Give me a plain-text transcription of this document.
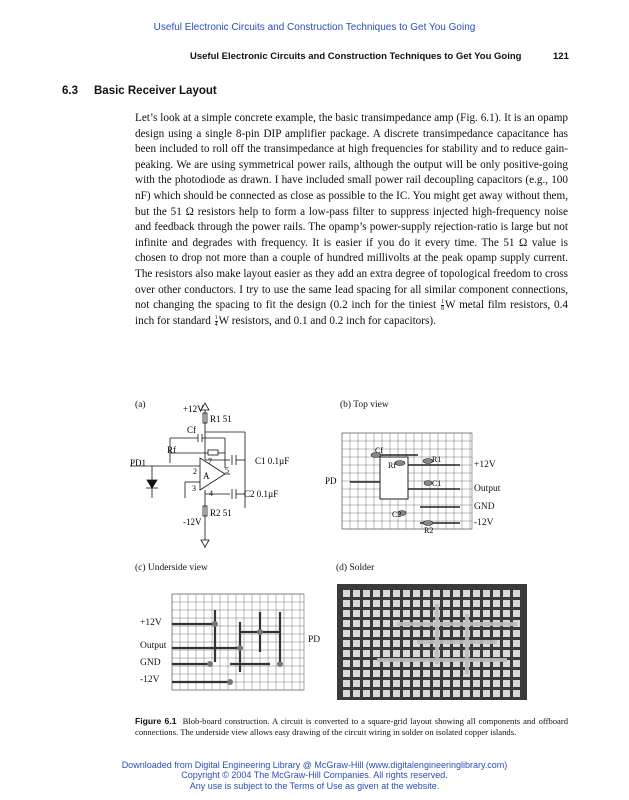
Useful Electronic Circuits and Construction Techniques to Get You Going
Useful Electronic Circuits and Construction Techniques to Get You Going	121
6.3 Basic Receiver Layout

Let’s look at a simple concrete example, the basic transimpedance amp (Fig. 6.1). It is an opamp design using a single 8-pin DIP amplifier package. A discrete transimpedance capacitance has been included to roll off the transimpedance at high frequencies for stability and to reduce gain-peaking. We are using symmetrical power rails, although the output will be only positive-going with the photodiode as drawn. I have included small power rail decoupling capacitors (e.g., 100 nF) which should be connected as close as possible to the IC. You might get away without them, but the 51 Ω resistors help to form a low-pass filter to suppress injected high-frequency noise and feedback through the power rails. The opamp’s power-supply rejection-ratio is large but not infinite and degrades with frequency. It is easier if you do it every time. The 51 Ω value is chosen to drop not more than a couple of hundred millivolts at the peak opamp supply current. The resistors also make layout easier as they add an extra degree of topological freedom to cross over other conductors. I try to use the same lead spacing for all similar component connections, not changing the spacing to fit the design (0.2 inch for the tiniest $\frac{1}{8}$ W metal film resistors, 0.4 inch for standard $\frac{1}{4}$ W resistors, and 0.1 and 0.2 inch for capacitors).

(a)	(b) Top view
(c) Underside view	(d) Solder
+12V
R1 51
Cf
Rf
PD1	C1 0.1µF
7
2 A
5
3
4	C2 0.1µF
R2 51
-12V
Cf
Rf
R1
C1
C2
R2
PD
+12V
Output
GND
-12V
+12V
Output
GND
-12V
PD
Figure 6.1 Blob-board construction. A circuit is converted to a square-grid layout showing all components and offboard connections. The underside view allows easy drawing of the circuit wiring in solder on isolated copper islands.
Downloaded from Digital Engineering Library @ McGraw-Hill (www.digitalengineeringlibrary.com)
Copyright © 2004 The McGraw-Hill Companies. All rights reserved.
Any use is subject to the Terms of Use as given at the website.
